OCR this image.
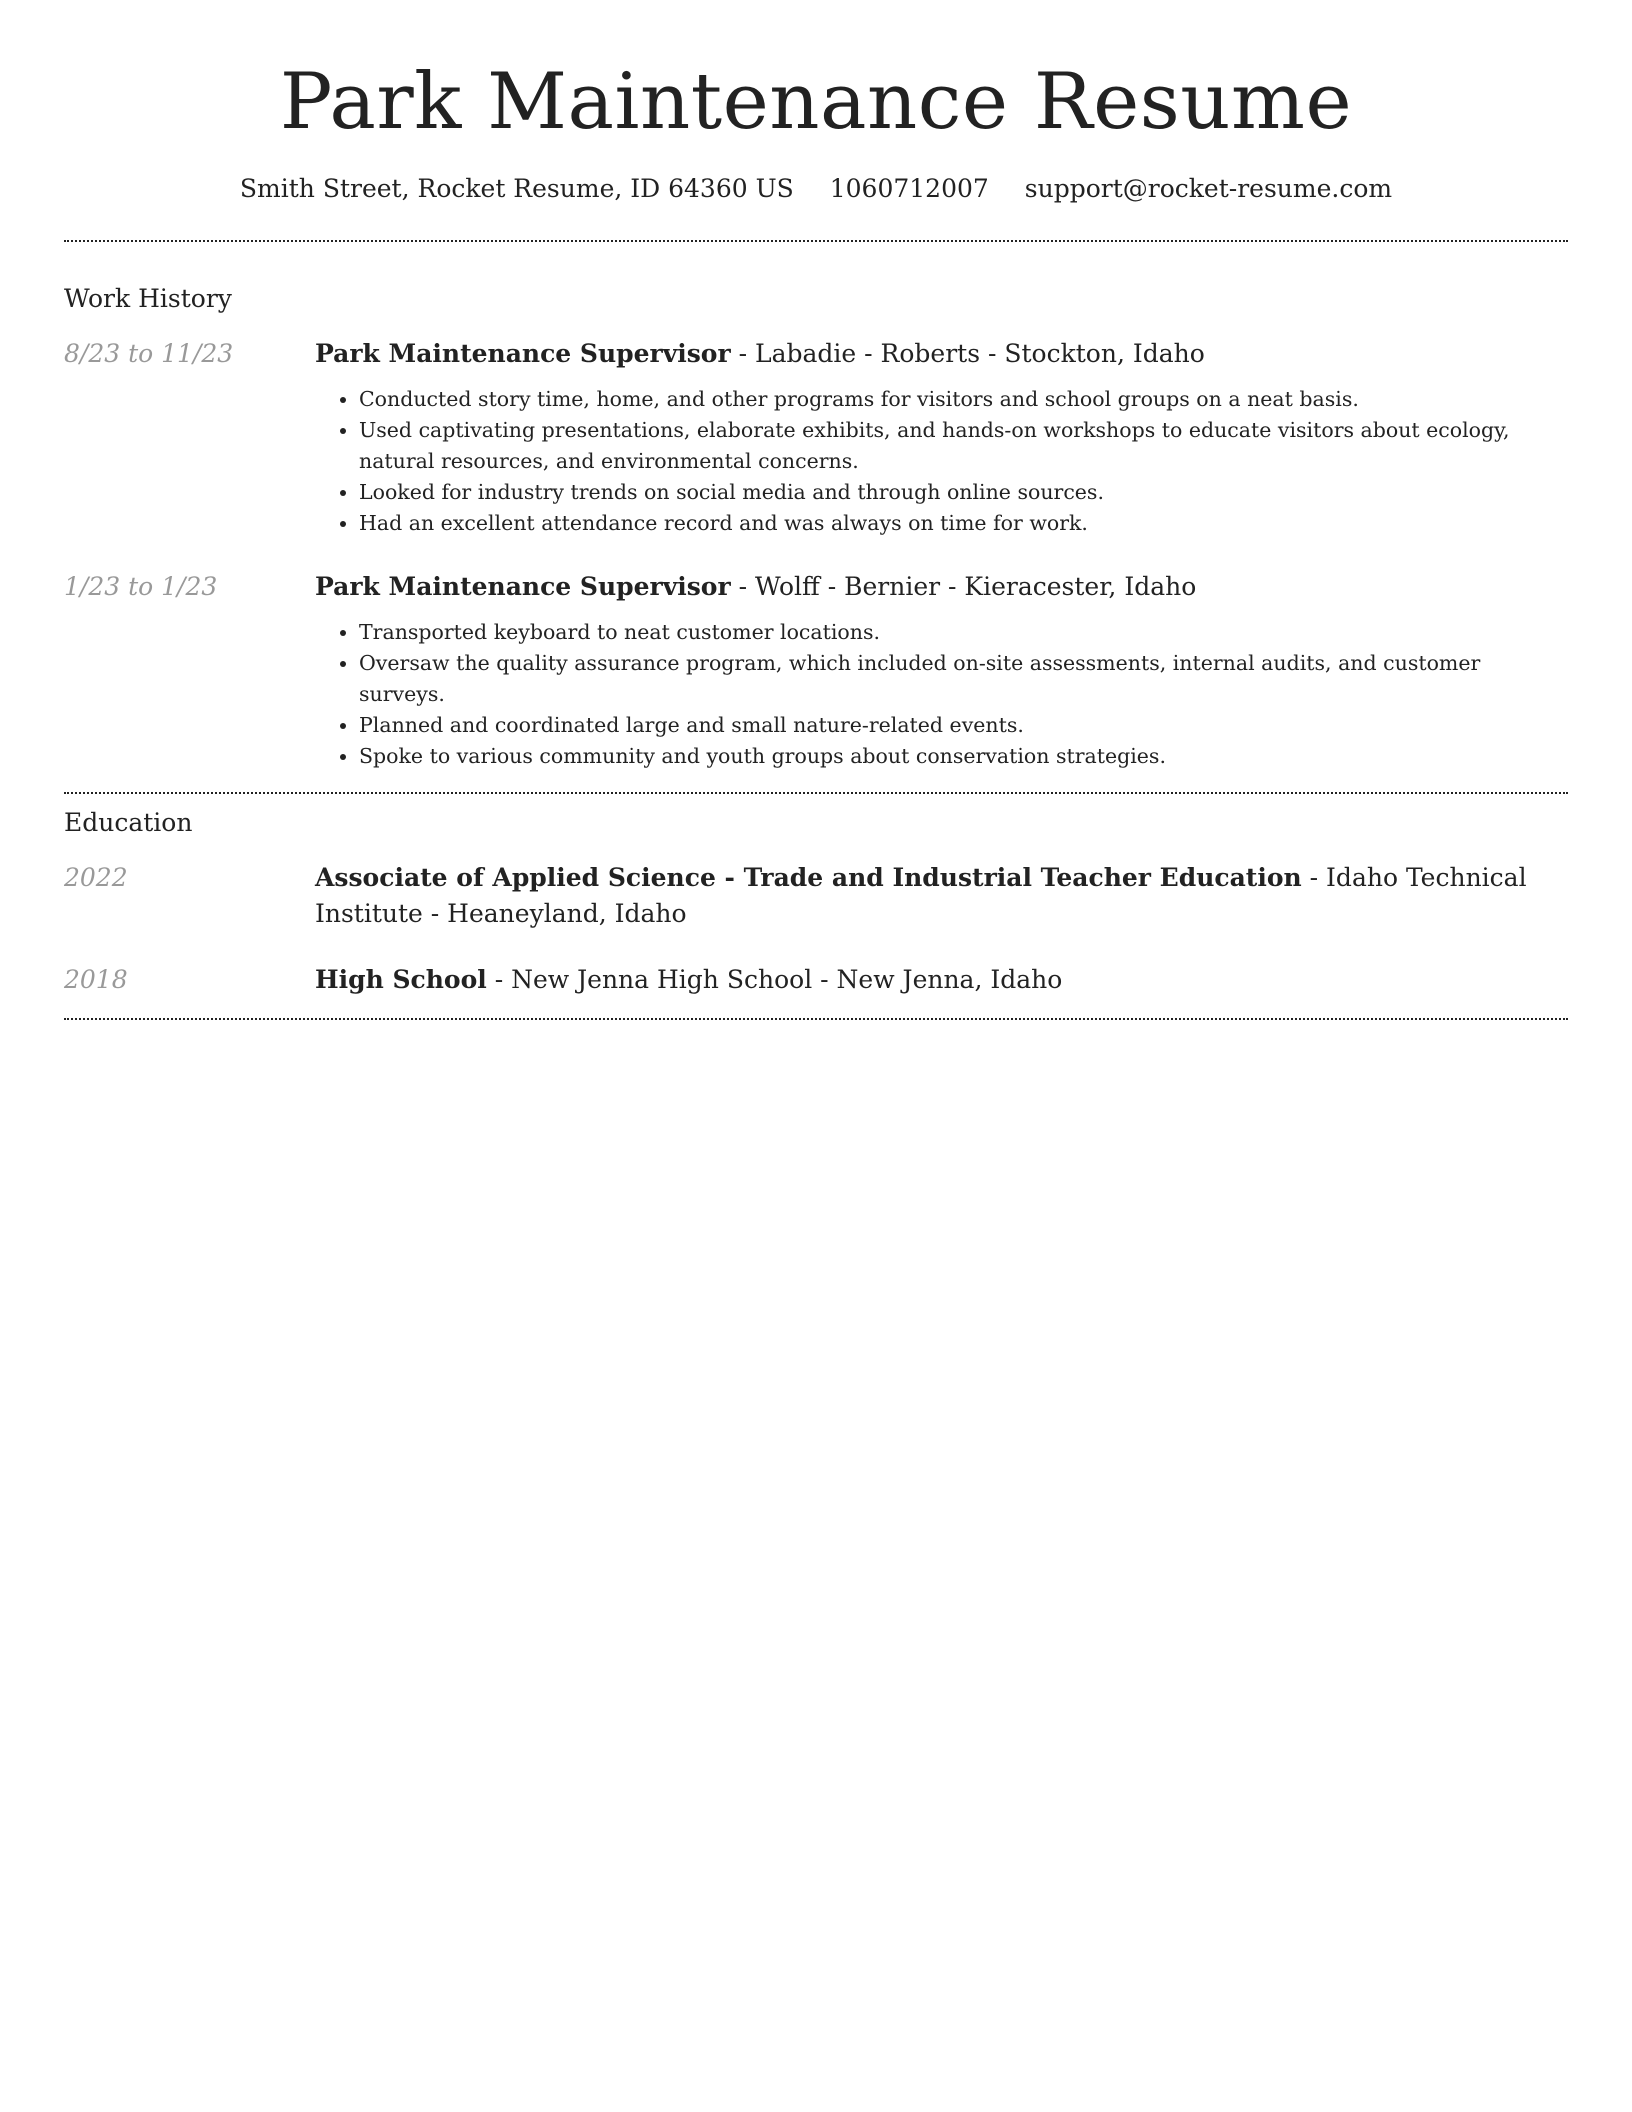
Park Maintenance Resume
Smith Street, Rocket Resume, ID 64360 US 1060712007 support@rocket-resume.com
Work History
8/23 to 11/23	Park Maintenance Supervisor - Labadie - Roberts - Stockton, Idaho
• Conducted story time, home, and other programs for visitors and school groups on a neat basis.
• Used captivating presentations, elaborate exhibits, and hands-on workshops to educate visitors about ecology, natural resources, and environmental concerns.
• Looked for industry trends on social media and through online sources.
• Had an excellent attendance record and was always on time for work.
1/23 to 1/23	Park Maintenance Supervisor - Wolff - Bernier - Kieracester, Idaho
• Transported keyboard to neat customer locations.
• Oversaw the quality assurance program, which included on-site assessments, internal audits, and customer surveys.
• Planned and coordinated large and small nature-related events.
• Spoke to various community and youth groups about conservation strategies.
Education
2022	Associate of Applied Science - Trade and Industrial Teacher Education - Idaho Technical Institute - Heaneyland, Idaho
2018	High School - New Jenna High School - New Jenna, Idaho
